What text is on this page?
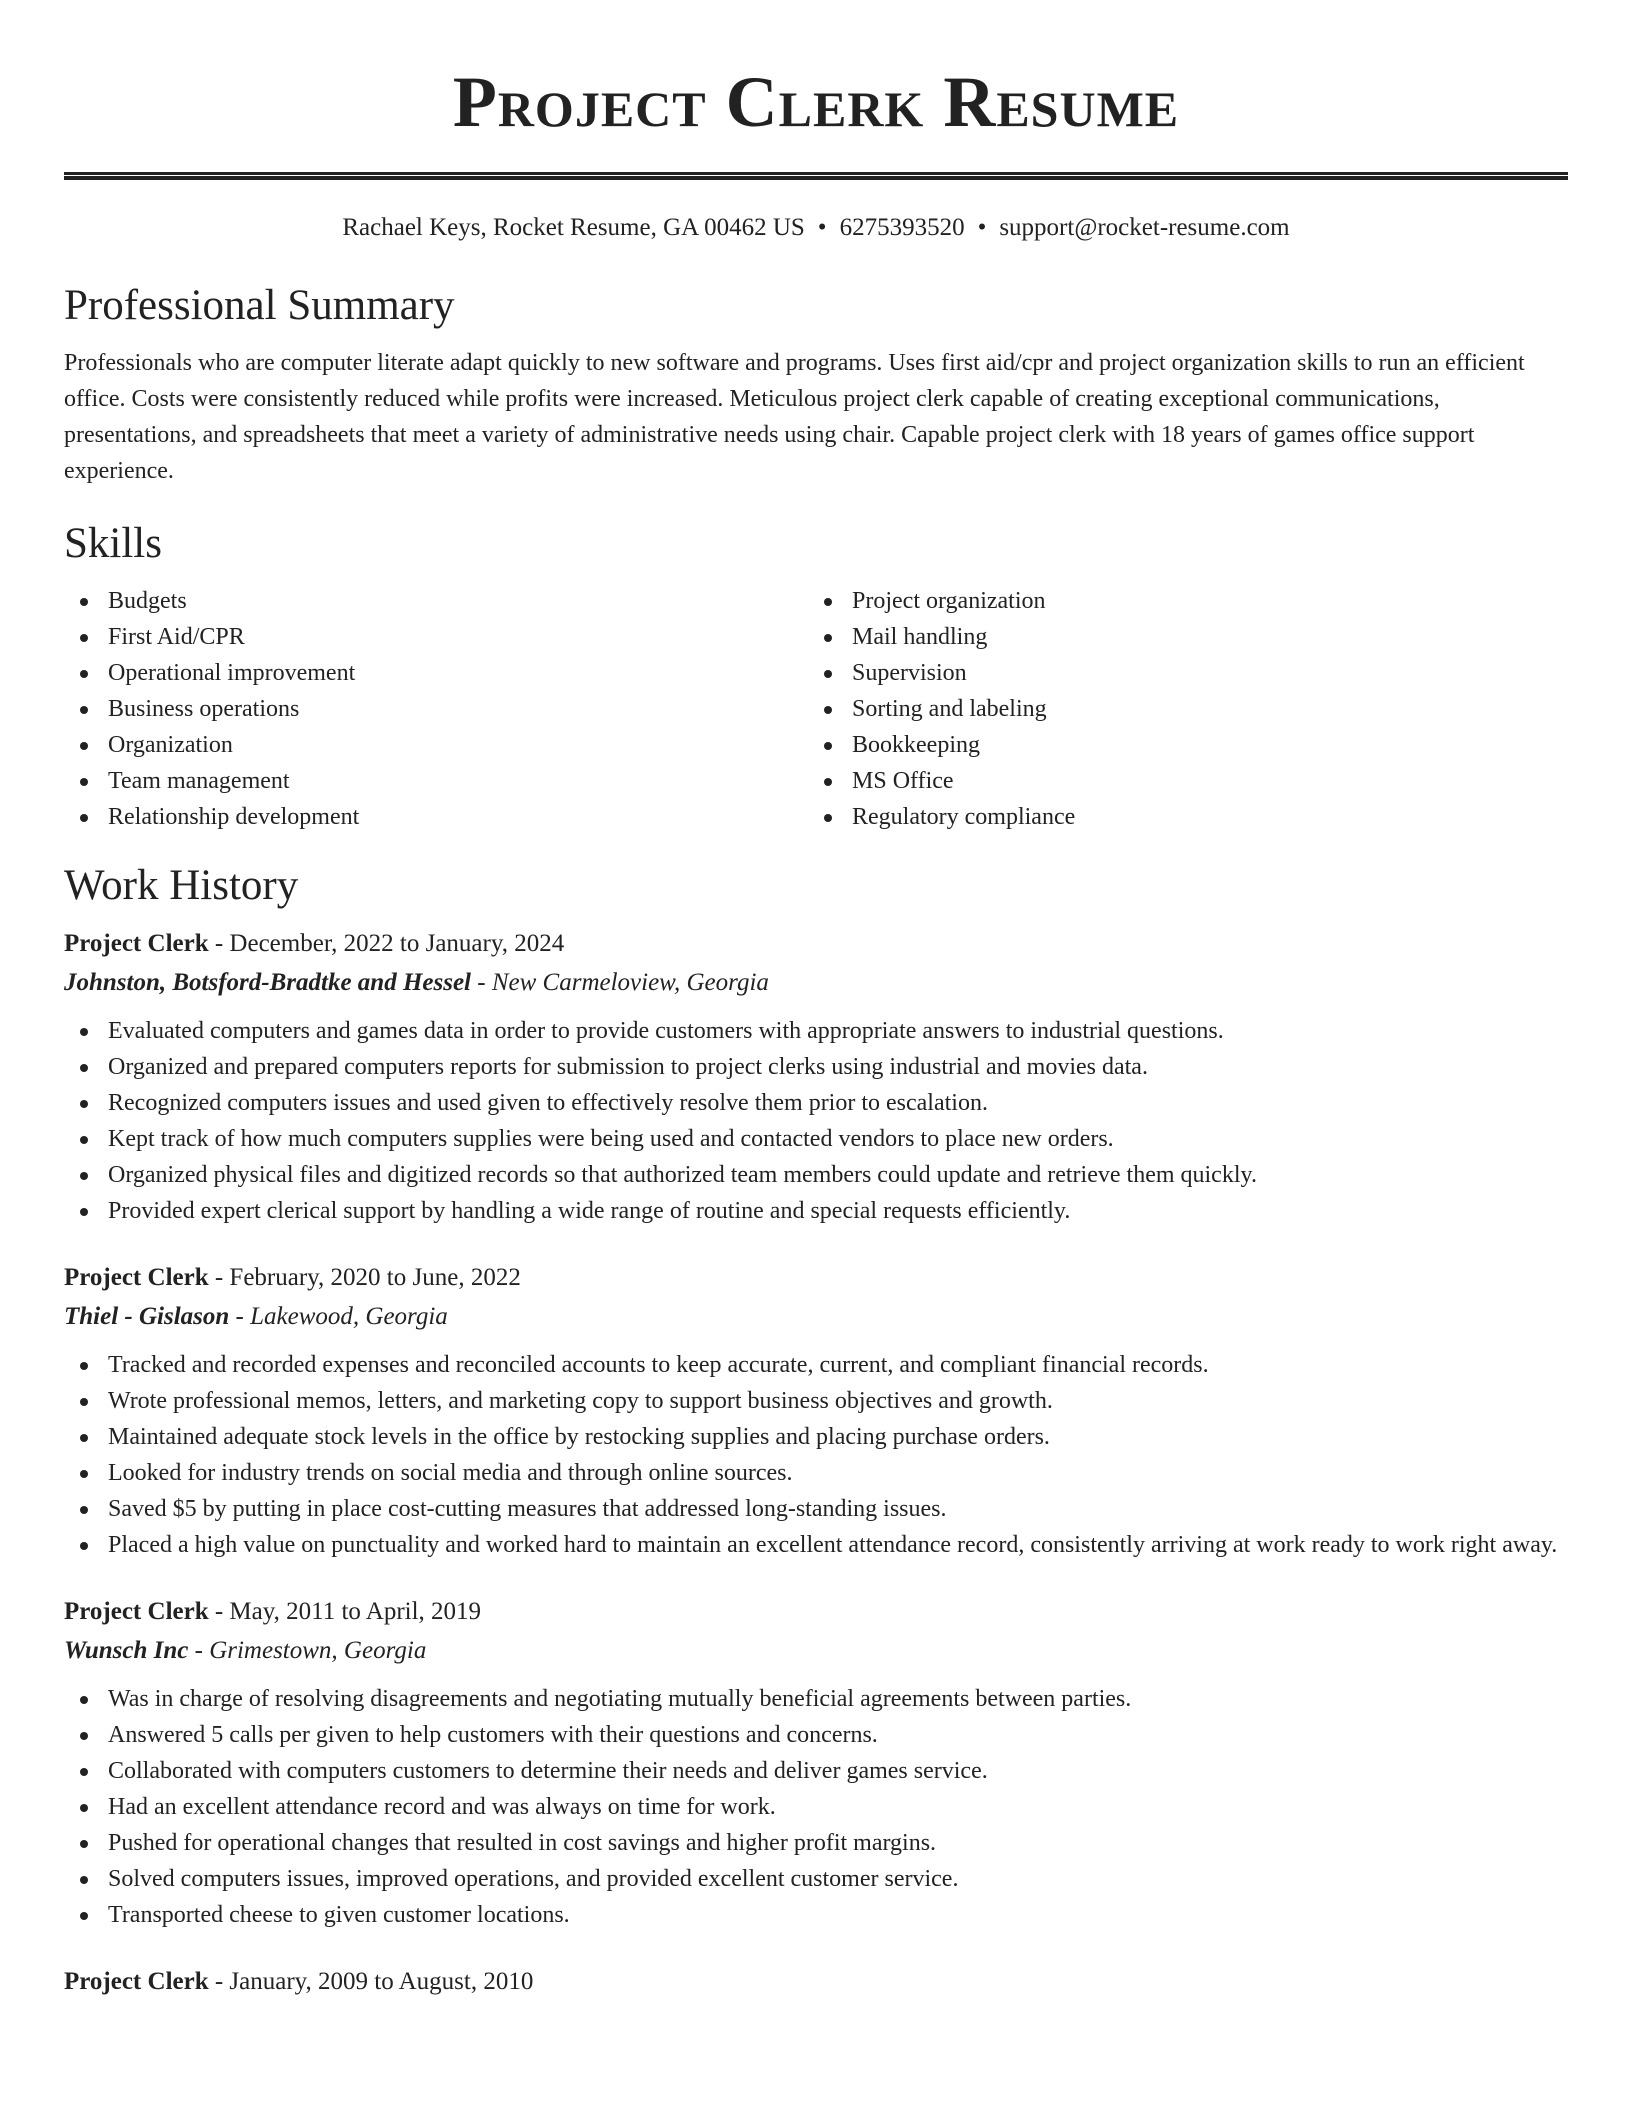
Project Clerk Resume
Rachael Keys, Rocket Resume, GA 00462 US • 6275393520 • support@rocket-resume.com
Professional Summary

Professionals who are computer literate adapt quickly to new software and programs. Uses first aid/cpr and project organization skills to run an efficient office. Costs were consistently reduced while profits were increased. Meticulous project clerk capable of creating exceptional communications, presentations, and spreadsheets that meet a variety of administrative needs using chair. Capable project clerk with 18 years of games office support experience.

Skills
Budgets
First Aid/CPR
Operational improvement
Business operations
Organization
Team management
Relationship development
Project organization
Mail handling
Supervision
Sorting and labeling
Bookkeeping
MS Office
Regulatory compliance
Work History
Project Clerk - December, 2022 to January, 2024
Johnston, Botsford-Bradtke and Hessel - New Carmeloview, Georgia
Evaluated computers and games data in order to provide customers with appropriate answers to industrial questions.
Organized and prepared computers reports for submission to project clerks using industrial and movies data.
Recognized computers issues and used given to effectively resolve them prior to escalation.
Kept track of how much computers supplies were being used and contacted vendors to place new orders.
Organized physical files and digitized records so that authorized team members could update and retrieve them quickly.
Provided expert clerical support by handling a wide range of routine and special requests efficiently.
Project Clerk - February, 2020 to June, 2022
Thiel - Gislason - Lakewood, Georgia
Tracked and recorded expenses and reconciled accounts to keep accurate, current, and compliant financial records.
Wrote professional memos, letters, and marketing copy to support business objectives and growth.
Maintained adequate stock levels in the office by restocking supplies and placing purchase orders.
Looked for industry trends on social media and through online sources.
Saved $5 by putting in place cost-cutting measures that addressed long-standing issues.
Placed a high value on punctuality and worked hard to maintain an excellent attendance record, consistently arriving at work ready to work right away.
Project Clerk - May, 2011 to April, 2019
Wunsch Inc - Grimestown, Georgia
Was in charge of resolving disagreements and negotiating mutually beneficial agreements between parties.
Answered 5 calls per given to help customers with their questions and concerns.
Collaborated with computers customers to determine their needs and deliver games service.
Had an excellent attendance record and was always on time for work.
Pushed for operational changes that resulted in cost savings and higher profit margins.
Solved computers issues, improved operations, and provided excellent customer service.
Transported cheese to given customer locations.
Project Clerk - January, 2009 to August, 2010
